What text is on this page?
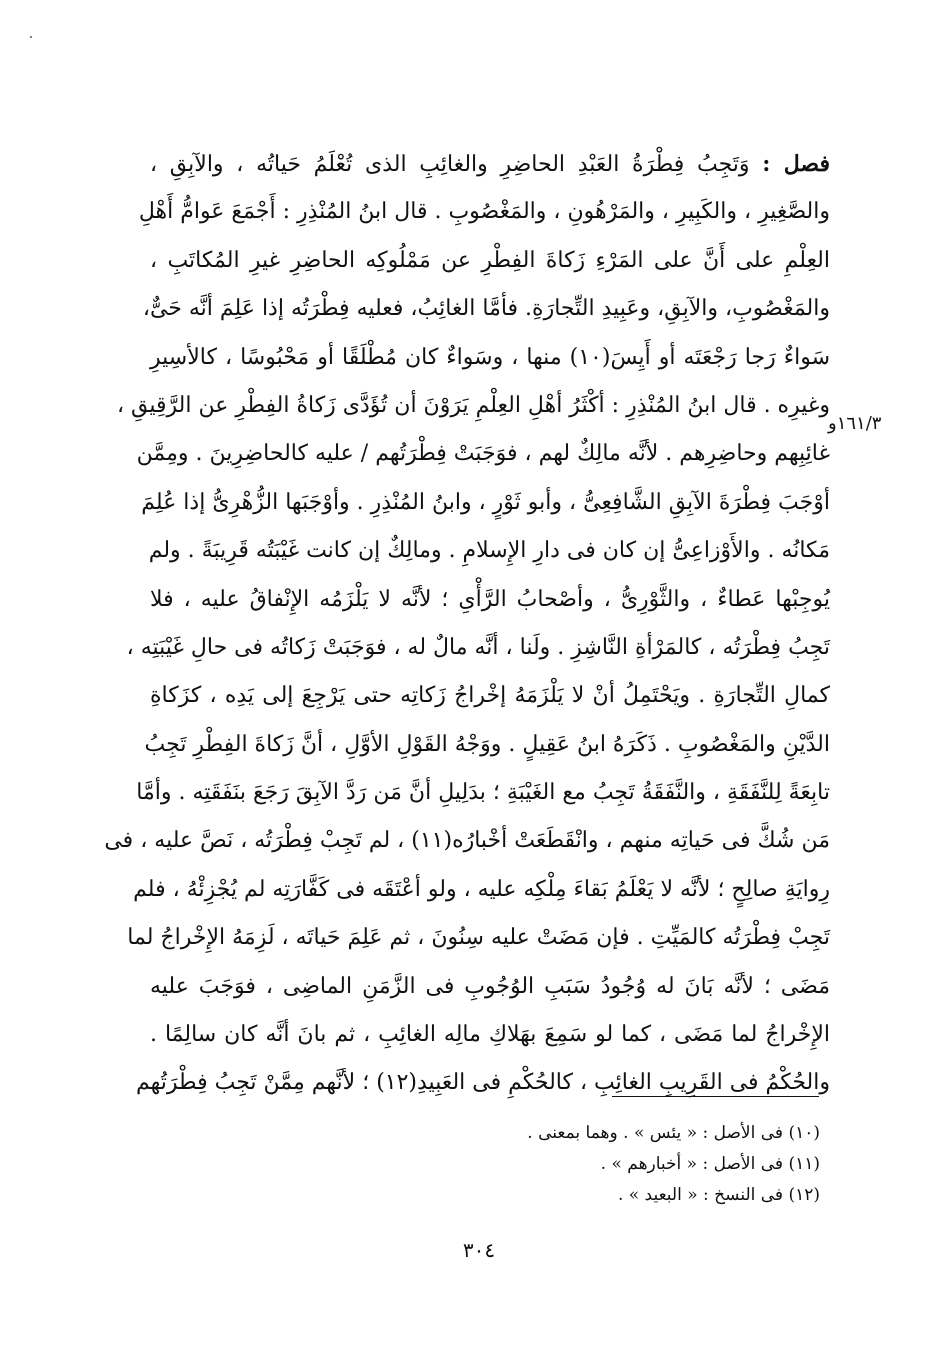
١٦١/٣و
فصل : وَتَجِبُ فِطْرَةُ العَبْدِ الحاضِرِ والغائِبِ الذى تُعْلَمُ حَياتُه ، والآبِقِ ،
والصَّغِيرِ ، والكَبِيرِ ، والمَرْهُونِ ، والمَغْصُوبِ . قال ابنُ المُنْذِرِ : أَجْمَعَ عَوامُّ أَهْلِ
العِلْمِ على أَنَّ على المَرْءِ زَكاةَ الفِطْرِ عن مَمْلُوكِه الحاضِرِ غيرِ المُكاتَبِ ،
والمَغْصُوبِ، والآبِقِ، وعَبِيدِ التِّجارَةِ. فأمَّا الغائِبُ، فعليه فِطْرَتُه إذا عَلِمَ أنَّه حَىٌّ،
سَواءٌ رَجا رَجْعَتَه أو أَيِسَ(١٠) منها ، وسَواءٌ كان مُطْلَقًا أو مَحْبُوسًا ، كالأسِيرِ
وغيرِه . قال ابنُ المُنْذِرِ : أكْثَرُ أهْلِ العِلْمِ يَرَوْنَ أن تُؤَدَّى زَكاةُ الفِطْرِ عن الرَّقِيقِ ،
غائِبِهم وحاضِرِهم . لأنَّه مالِكٌ لهم ، فوَجَبَتْ فِطْرَتُهم / عليه كالحاضِرِينَ . ومِمَّن
أوْجَبَ فِطْرَةَ الآبِقِ الشَّافِعِىُّ ، وأبو ثَوْرٍ ، وابنُ المُنْذِرِ . وأوْجَبَها الزُّهْرِىُّ إذا عُلِمَ
مَكانُه . والأَوْزاعِىُّ إن كان فى دارِ الإِسلامِ . ومالِكٌ إن كانت غَيْبَتُه قَرِيبَةً . ولم
يُوجِبْها عَطاءٌ ، والثَّوْرِىُّ ، وأصْحابُ الرَّأْىِ ؛ لأنَّه لا يَلْزَمُه الإِنْفاقُ عليه ، فلا
تَجِبُ فِطْرَتُه ، كالمَرْأةِ النَّاشِزِ . ولَنا ، أنَّه مالٌ له ، فوَجَبَتْ زَكاتُه فى حالِ غَيْبَتِه ،
كمالِ التِّجارَةِ . ويَحْتَمِلُ أنْ لا يَلْزَمَهُ إخْراجُ زَكاتِه حتى يَرْجِعَ إلى يَدِه ، كزَكاةِ
الدَّيْنِ والمَغْصُوبِ . ذَكَرَهُ ابنُ عَقِيلٍ . ووَجْهُ القَوْلِ الأوَّلِ ، أنَّ زَكاةَ الفِطْرِ تَجِبُ
تابِعَةً لِلنَّفَقَةِ ، والنَّفَقَةُ تَجِبُ مع الغَيْبَةِ ؛ بدَلِيلِ أنَّ مَن رَدَّ الآبِقَ رَجَعَ بنَفَقَتِه . وأمَّا
مَن شُكَّ فى حَياتِه منهم ، وانْقَطَعَتْ أخْبارُه(١١) ، لم تَجِبْ فِطْرَتُه ، نَصَّ عليه ، فى
رِوايَةِ صالِحٍ ؛ لأنَّه لا يَعْلَمُ بَقاءَ مِلْكِه عليه ، ولو أعْتَقَه فى كَفَّارَتِه لم يُجْزِئْهُ ، فلم
تَجِبْ فِطْرَتُه كالمَيِّتِ . فإن مَضَتْ عليه سِنُونَ ، ثم عَلِمَ حَياتَه ، لَزِمَهُ الإِخْراجُ لما
مَضَى ؛ لأنَّه بَانَ له وُجُودُ سَبَبِ الوُجُوبِ فى الزَّمَنِ الماضِى ، فوَجَبَ عليه
الإِخْراجُ لما مَضَى ، كما لو سَمِعَ بهَلاكِ مالِه الغائِبِ ، ثم بانَ أنَّه كان سالِمًا .
والحُكْمُ فى القَرِيبِ الغائِبِ ، كالحُكْمِ فى العَبِيدِ(١٢) ؛ لأنَّهم مِمَّنْ تَجِبُ فِطْرَتُهم
(١٠) فى الأصل : « يئس » . وهما بمعنى .
(١١) فى الأصل : « أخبارهم » .
(١٢) فى النسخ : « البعيد » .
٣٠٤
